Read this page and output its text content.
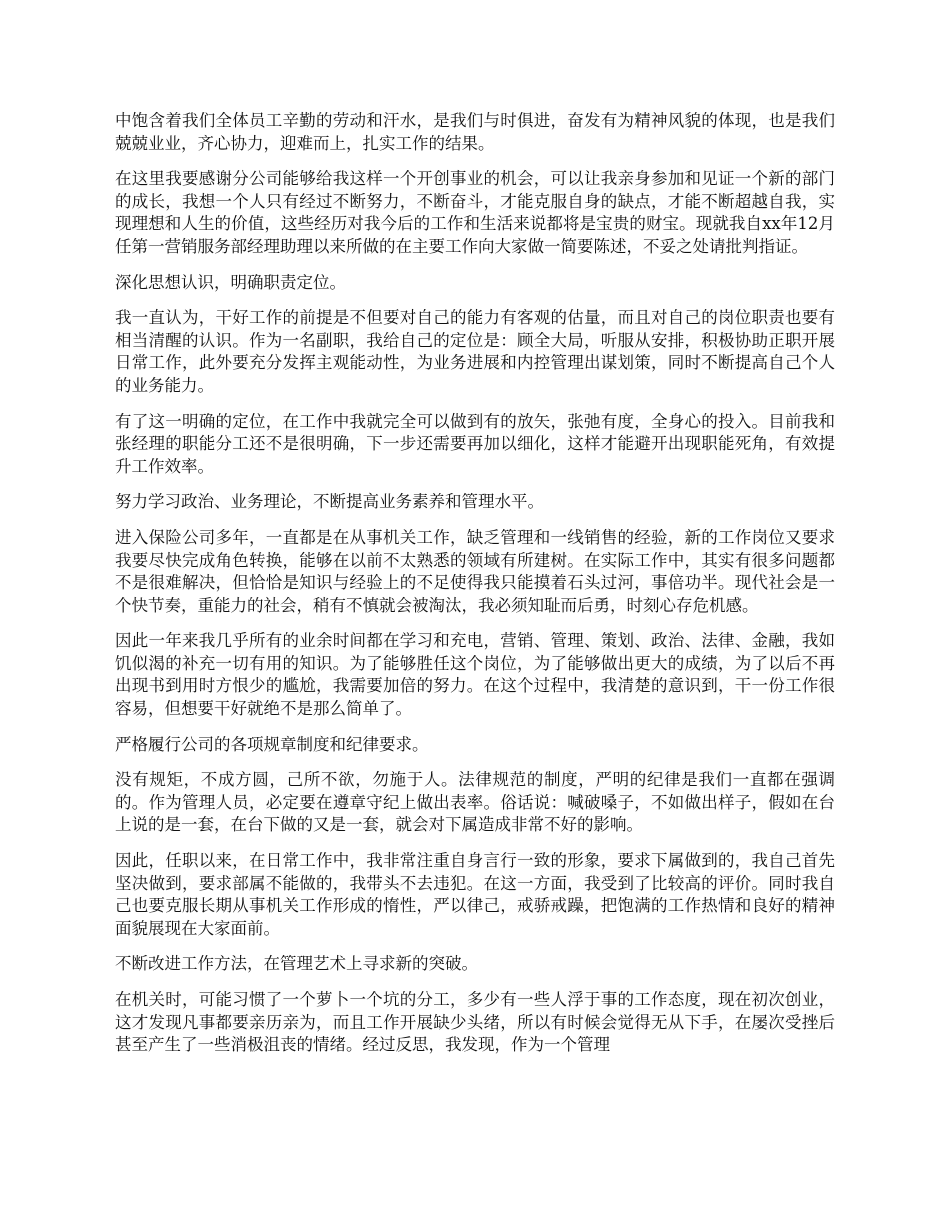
中饱含着我们全体员工辛勤的劳动和汗水，是我们与时俱进，奋发有为精神风貌的体现，也是我们兢兢业业，齐心协力，迎难而上，扎实工作的结果。

在这里我要感谢分公司能够给我这样一个开创事业的机会，可以让我亲身参加和见证一个新的部门的成长，我想一个人只有经过不断努力，不断奋斗，才能克服自身的缺点，才能不断超越自我，实现理想和人生的价值，这些经历对我今后的工作和生活来说都将是宝贵的财宝。现就我自xx年12月任第一营销服务部经理助理以来所做的在主要工作向大家做一简要陈述，不妥之处请批判指证。

深化思想认识，明确职责定位。

我一直认为，干好工作的前提是不但要对自己的能力有客观的估量，而且对自己的岗位职责也要有相当清醒的认识。作为一名副职，我给自己的定位是：顾全大局，听服从安排，积极协助正职开展日常工作，此外要充分发挥主观能动性，为业务进展和内控管理出谋划策，同时不断提高自己个人的业务能力。

有了这一明确的定位，在工作中我就完全可以做到有的放矢，张弛有度，全身心的投入。目前我和张经理的职能分工还不是很明确，下一步还需要再加以细化，这样才能避开出现职能死角，有效提升工作效率。

努力学习政治、业务理论，不断提高业务素养和管理水平。

进入保险公司多年，一直都是在从事机关工作，缺乏管理和一线销售的经验，新的工作岗位又要求我要尽快完成角色转换，能够在以前不太熟悉的领域有所建树。在实际工作中，其实有很多问题都不是很难解决，但恰恰是知识与经验上的不足使得我只能摸着石头过河，事倍功半。现代社会是一个快节奏，重能力的社会，稍有不慎就会被淘汰，我必须知耻而后勇，时刻心存危机感。

因此一年来我几乎所有的业余时间都在学习和充电，营销、管理、策划、政治、法律、金融，我如饥似渴的补充一切有用的知识。为了能够胜任这个岗位，为了能够做出更大的成绩，为了以后不再出现书到用时方恨少的尴尬，我需要加倍的努力。在这个过程中，我清楚的意识到，干一份工作很容易，但想要干好就绝不是那么简单了。

严格履行公司的各项规章制度和纪律要求。

没有规矩，不成方圆，己所不欲，勿施于人。法律规范的制度，严明的纪律是我们一直都在强调的。作为管理人员，必定要在遵章守纪上做出表率。俗话说：喊破嗓子，不如做出样子，假如在台上说的是一套，在台下做的又是一套，就会对下属造成非常不好的影响。

因此，任职以来，在日常工作中，我非常注重自身言行一致的形象，要求下属做到的，我自己首先坚决做到，要求部属不能做的，我带头不去违犯。在这一方面，我受到了比较高的评价。同时我自己也要克服长期从事机关工作形成的惰性，严以律己，戒骄戒躁，把饱满的工作热情和良好的精神面貌展现在大家面前。

不断改进工作方法，在管理艺术上寻求新的突破。

在机关时，可能习惯了一个萝卜一个坑的分工，多少有一些人浮于事的工作态度，现在初次创业，这才发现凡事都要亲历亲为，而且工作开展缺少头绪，所以有时候会觉得无从下手，在屡次受挫后甚至产生了一些消极沮丧的情绪。经过反思，我发现，作为一个管理
